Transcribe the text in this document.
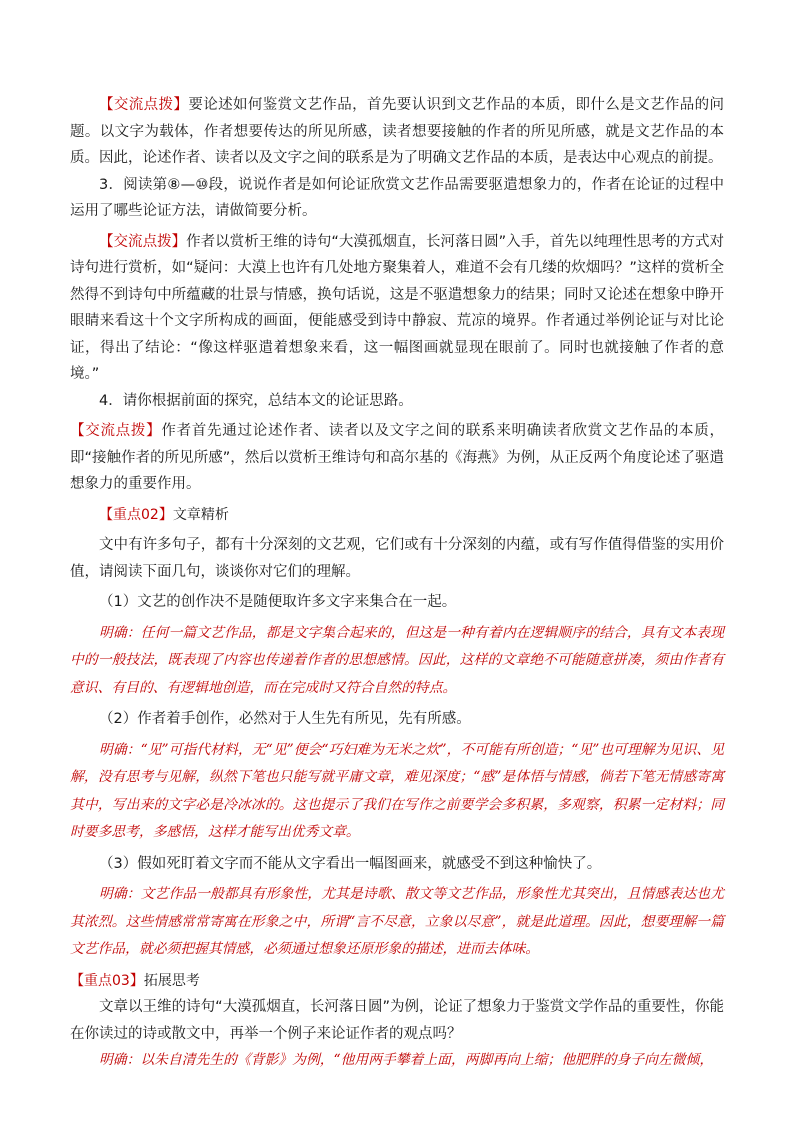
【交流点拨】要论述如何鉴赏文艺作品，首先要认识到文艺作品的本质，即什么是文艺作品的问题。以文字为载体，作者想要传达的所见所感，读者想要接触的作者的所见所感，就是文艺作品的本质。因此，论述作者、读者以及文字之间的联系是为了明确文艺作品的本质，是表达中心观点的前提。

3．阅读第⑧—⑩段，说说作者是如何论证欣赏文艺作品需要驱遣想象力的，作者在论证的过程中运用了哪些论证方法，请做简要分析。

【交流点拨】作者以赏析王维的诗句“大漠孤烟直，长河落日圆”入手，首先以纯理性思考的方式对诗句进行赏析，如“疑问：大漠上也许有几处地方聚集着人，难道不会有几缕的炊烟吗？”这样的赏析全然得不到诗句中所蕴藏的壮景与情感，换句话说，这是不驱遣想象力的结果；同时又论述在想象中睁开眼睛来看这十个文字所构成的画面，便能感受到诗中静寂、荒凉的境界。作者通过举例论证与对比论证，得出了结论：“像这样驱遣着想象来看，这一幅图画就显现在眼前了。同时也就接触了作者的意境。”

4．请你根据前面的探究，总结本文的论证思路。

【交流点拨】作者首先通过论述作者、读者以及文字之间的联系来明确读者欣赏文艺作品的本质，即“接触作者的所见所感”，然后以赏析王维诗句和高尔基的《海燕》为例，从正反两个角度论述了驱遣想象力的重要作用。

【重点02】文章精析

文中有许多句子，都有十分深刻的文艺观，它们或有十分深刻的内蕴，或有写作值得借鉴的实用价值，请阅读下面几句，谈谈你对它们的理解。

（1）文艺的创作决不是随便取许多文字来集合在一起。

明确：任何一篇文艺作品，都是文字集合起来的，但这是一种有着内在逻辑顺序的结合，具有文本表现中的一般技法，既表现了内容也传递着作者的思想感情。因此，这样的文章绝不可能随意拼凑，须由作者有意识、有目的、有逻辑地创造，而在完成时又符合自然的特点。

（2）作者着手创作，必然对于人生先有所见，先有所感。

明确：“见”可指代材料，无“见”便会“巧妇难为无米之炊”，不可能有所创造；“见”也可理解为见识、见解，没有思考与见解，纵然下笔也只能写就平庸文章，难见深度；“感”是体悟与情感，倘若下笔无情感寄寓其中，写出来的文字必是冷冰冰的。这也提示了我们在写作之前要学会多积累，多观察，积累一定材料；同时要多思考，多感悟，这样才能写出优秀文章。

（3）假如死盯着文字而不能从文字看出一幅图画来，就感受不到这种愉快了。

明确：文艺作品一般都具有形象性，尤其是诗歌、散文等文艺作品，形象性尤其突出，且情感表达也尤其浓烈。这些情感常常寄寓在形象之中，所谓“言不尽意，立象以尽意”，就是此道理。因此，想要理解一篇文艺作品，就必须把握其情感，必须通过想象还原形象的描述，进而去体味。

【重点03】拓展思考

文章以王维的诗句“大漠孤烟直，长河落日圆”为例，论证了想象力于鉴赏文学作品的重要性，你能在你读过的诗或散文中，再举一个例子来论证作者的观点吗？

明确：以朱自清先生的《背影》为例，“他用两手攀着上面，两脚再向上缩；他肥胖的身子向左微倾，
